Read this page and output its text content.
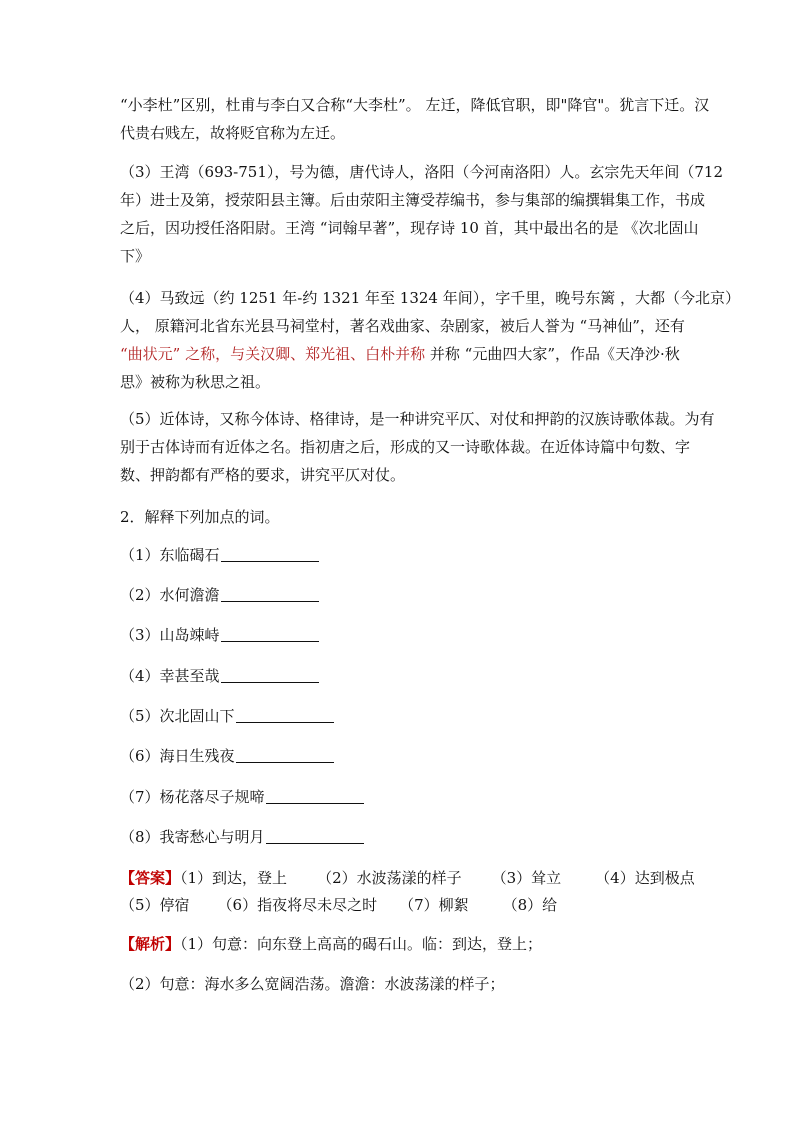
“小李杜”区别，杜甫与李白又合称“大李杜”。 左迁，降低官职，即"降官"。犹言下迁。汉
代贵右贱左，故将贬官称为左迁。

（3）王湾（693-751），号为德，唐代诗人，洛阳（今河南洛阳）人。玄宗先天年间（712
年）进士及第，授荥阳县主簿。后由荥阳主簿受荐编书，参与集部的编撰辑集工作，书成
之后，因功授任洛阳尉。王湾 “词翰早著”，现存诗 10 首，其中最出名的是 《次北固山
下》

（4）马致远（约 1251 年-约 1321 年至 1324 年间），字千里，晚号东篱 ，大都（今北京）
人， 原籍河北省东光县马祠堂村，著名戏曲家、杂剧家，被后人誉为 “马神仙”，还有
“曲状元” 之称，与关汉卿、郑光祖、白朴并称 并称 “元曲四大家”，作品《天净沙·秋
思》被称为秋思之祖。

（5）近体诗，又称今体诗、格律诗，是一种讲究平仄、对仗和押韵的汉族诗歌体裁。为有
别于古体诗而有近体之名。指初唐之后，形成的又一诗歌体裁。在近体诗篇中句数、字
数、押韵都有严格的要求，讲究平仄对仗。

2．解释下列加点的词。
（1）东临碣石
（2）水何澹澹
（3）山岛竦峙
（4）幸甚至哉
（5）次北固山下
（6）海日生残夜
（7）杨花落尽子规啼
（8）我寄愁心与明月
【答案】（1）到达，登上 （2）水波荡漾的样子 （3）耸立 （4）达到极点
（5）停宿 （6）指夜将尽未尽之时 （7）柳絮 （8）给
【解析】（1）句意：向东登上高高的碣石山。临：到达，登上；
（2）句意：海水多么宽阔浩荡。澹澹：水波荡漾的样子；
